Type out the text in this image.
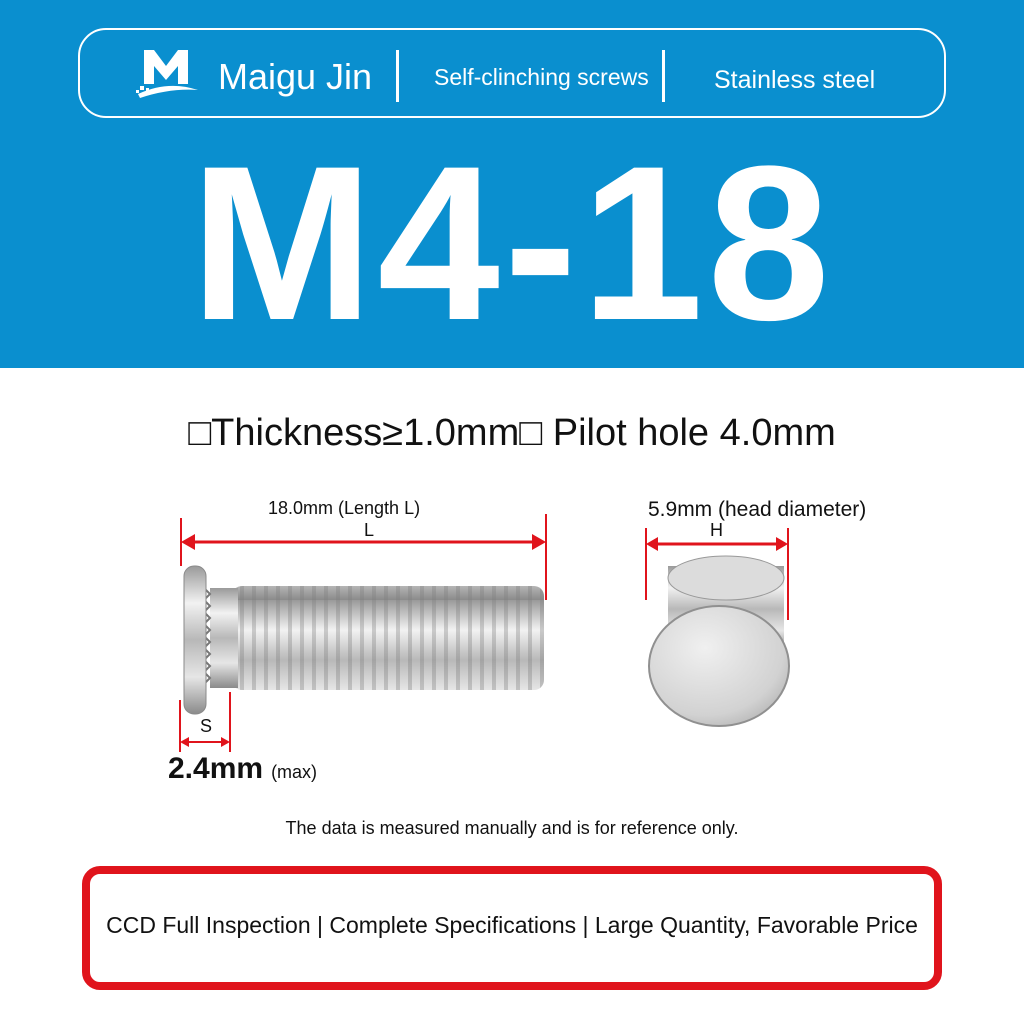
Maigu Jin	Self-clinching screws	Stainless steel
M4-18
□Thickness≥1.0mm□ Pilot hole 4.0mm
18.0mm (Length L)
L
5.9mm (head diameter)
H
S
2.4mm (max)
The data is measured manually and is for reference only.
CCD Full Inspection | Complete Specifications | Large Quantity, Favorable Price
